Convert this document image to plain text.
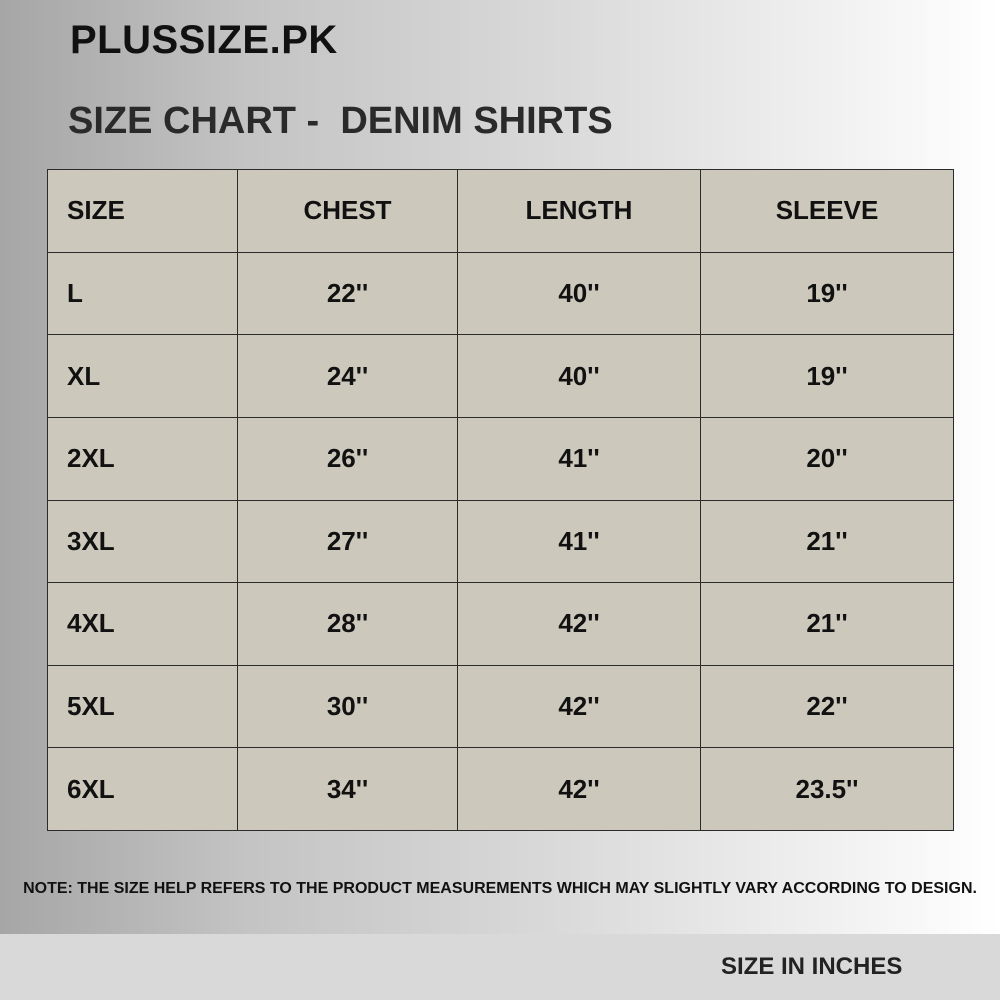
PLUSSIZE.PK
SIZE CHART -  DENIM SHIRTS
SIZE	CHEST	LENGTH	SLEEVE
L	22''	40''	19''
XL	24''	40''	19''
2XL	26''	41''	20''
3XL	27''	41''	21''
4XL	28''	42''	21''
5XL	30''	42''	22''
6XL	34''	42''	23.5''
NOTE: THE SIZE HELP REFERS TO THE PRODUCT MEASUREMENTS WHICH MAY SLIGHTLY VARY ACCORDING TO DESIGN.
SIZE IN INCHES
